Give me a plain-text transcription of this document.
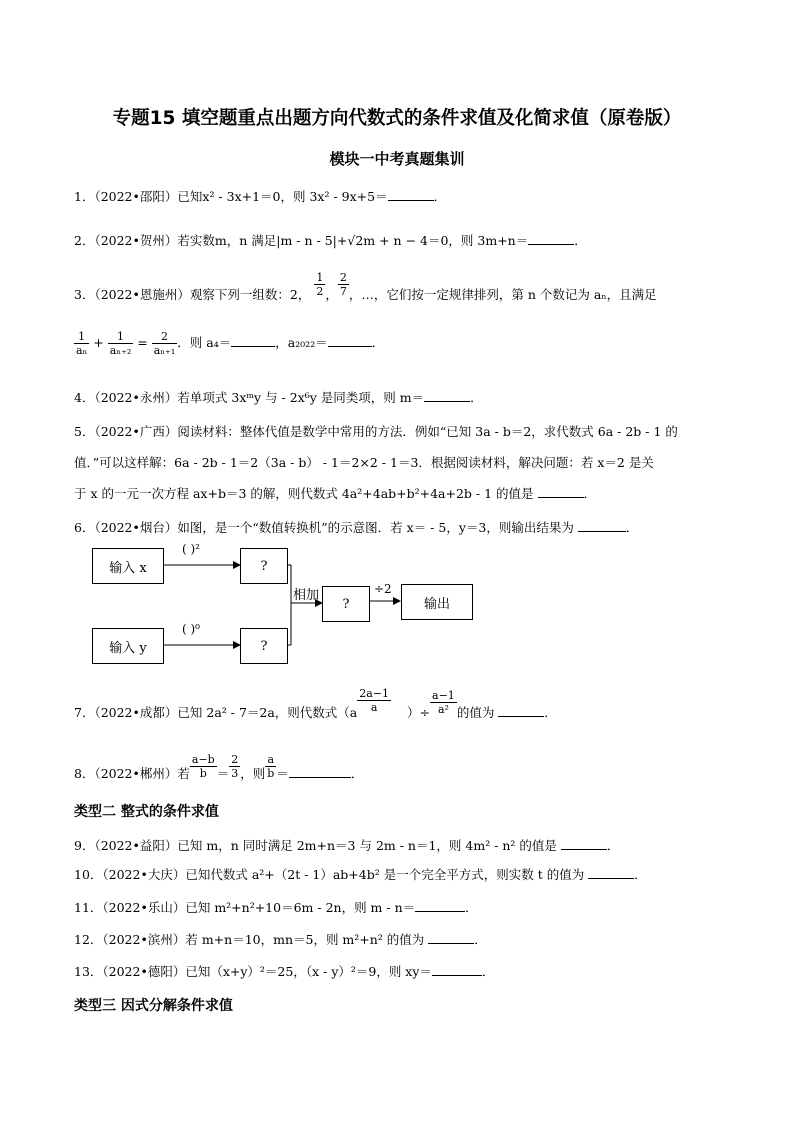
专题15 填空题重点出题方向代数式的条件求值及化简求值（原卷版）
模块一中考真题集训
1．（2022•邵阳）已知x² - 3x+1＝0，则 3x² - 9x+5＝	．
2．（2022•贺州）若实数m，n 满足|m - n - 5|+√2m + n − 4＝0，则 3m+n＝	．
3．（2022•恩施州）观察下列一组数：2， $\frac{1}{2}$ ， $\frac{2}{7}$ ，…，它们按一定规律排列，第 n 个数记为 aₙ，且满足
$\frac{1}{\text{aₙ}} + \frac{1}{\text{aₙ₊₂}} = \frac{2}{\text{aₙ₊₁}}$ ．则 a₄＝	，a₂₀₂₂＝	．
4．（2022•永州）若单项式 3xᵐy 与 - 2x⁶y 是同类项，则 m＝	．
5．（2022•广西）阅读材料：整体代值是数学中常用的方法．例如“已知 3a - b＝2，求代数式 6a - 2b - 1 的
值．”可以这样解：6a - 2b - 1＝2（3a - b） - 1＝2×2 - 1＝3．根据阅读材料，解决问题：若 x＝2 是关
于 x 的一元一次方程 ax+b＝3 的解，则代数式 4a²+4ab+b²+4a+2b - 1 的值是	．
6．（2022•烟台）如图，是一个“数值转换机”的示意图．若 x＝ - 5，y＝3，则输出结果为	．
输入 x
输入 y
( )²
( )⁰
?
?
相加
?
÷2
输出
7．（2022•成都）已知 2a² - 7＝2a，则代数式（$a \frac{2a-1}{a}$ ）÷ $\frac{a-1}{\text{a²}}$ 的值为	．
8．（2022•郴州）若 $\frac{a-b}{b} = \frac{2}{3}$ ，则 $\frac{a}{b}$ ＝	．
类型二 整式的条件求值
9．（2022•益阳）已知 m，n 同时满足 2m+n＝3 与 2m - n＝1，则 4m² - n² 的值是	．
10．（2022•大庆）已知代数式 a²+（2t - 1）ab+4b² 是一个完全平方式，则实数 t 的值为	．
11．（2022•乐山）已知 m²+n²+10＝6m - 2n，则 m - n＝	．
12．（2022•滨州）若 m+n＝10，mn＝5，则 m²+n² 的值为	．
13．（2022•德阳）已知（x+y）²＝25，（x - y）²＝9，则 xy＝	．
类型三 因式分解条件求值
